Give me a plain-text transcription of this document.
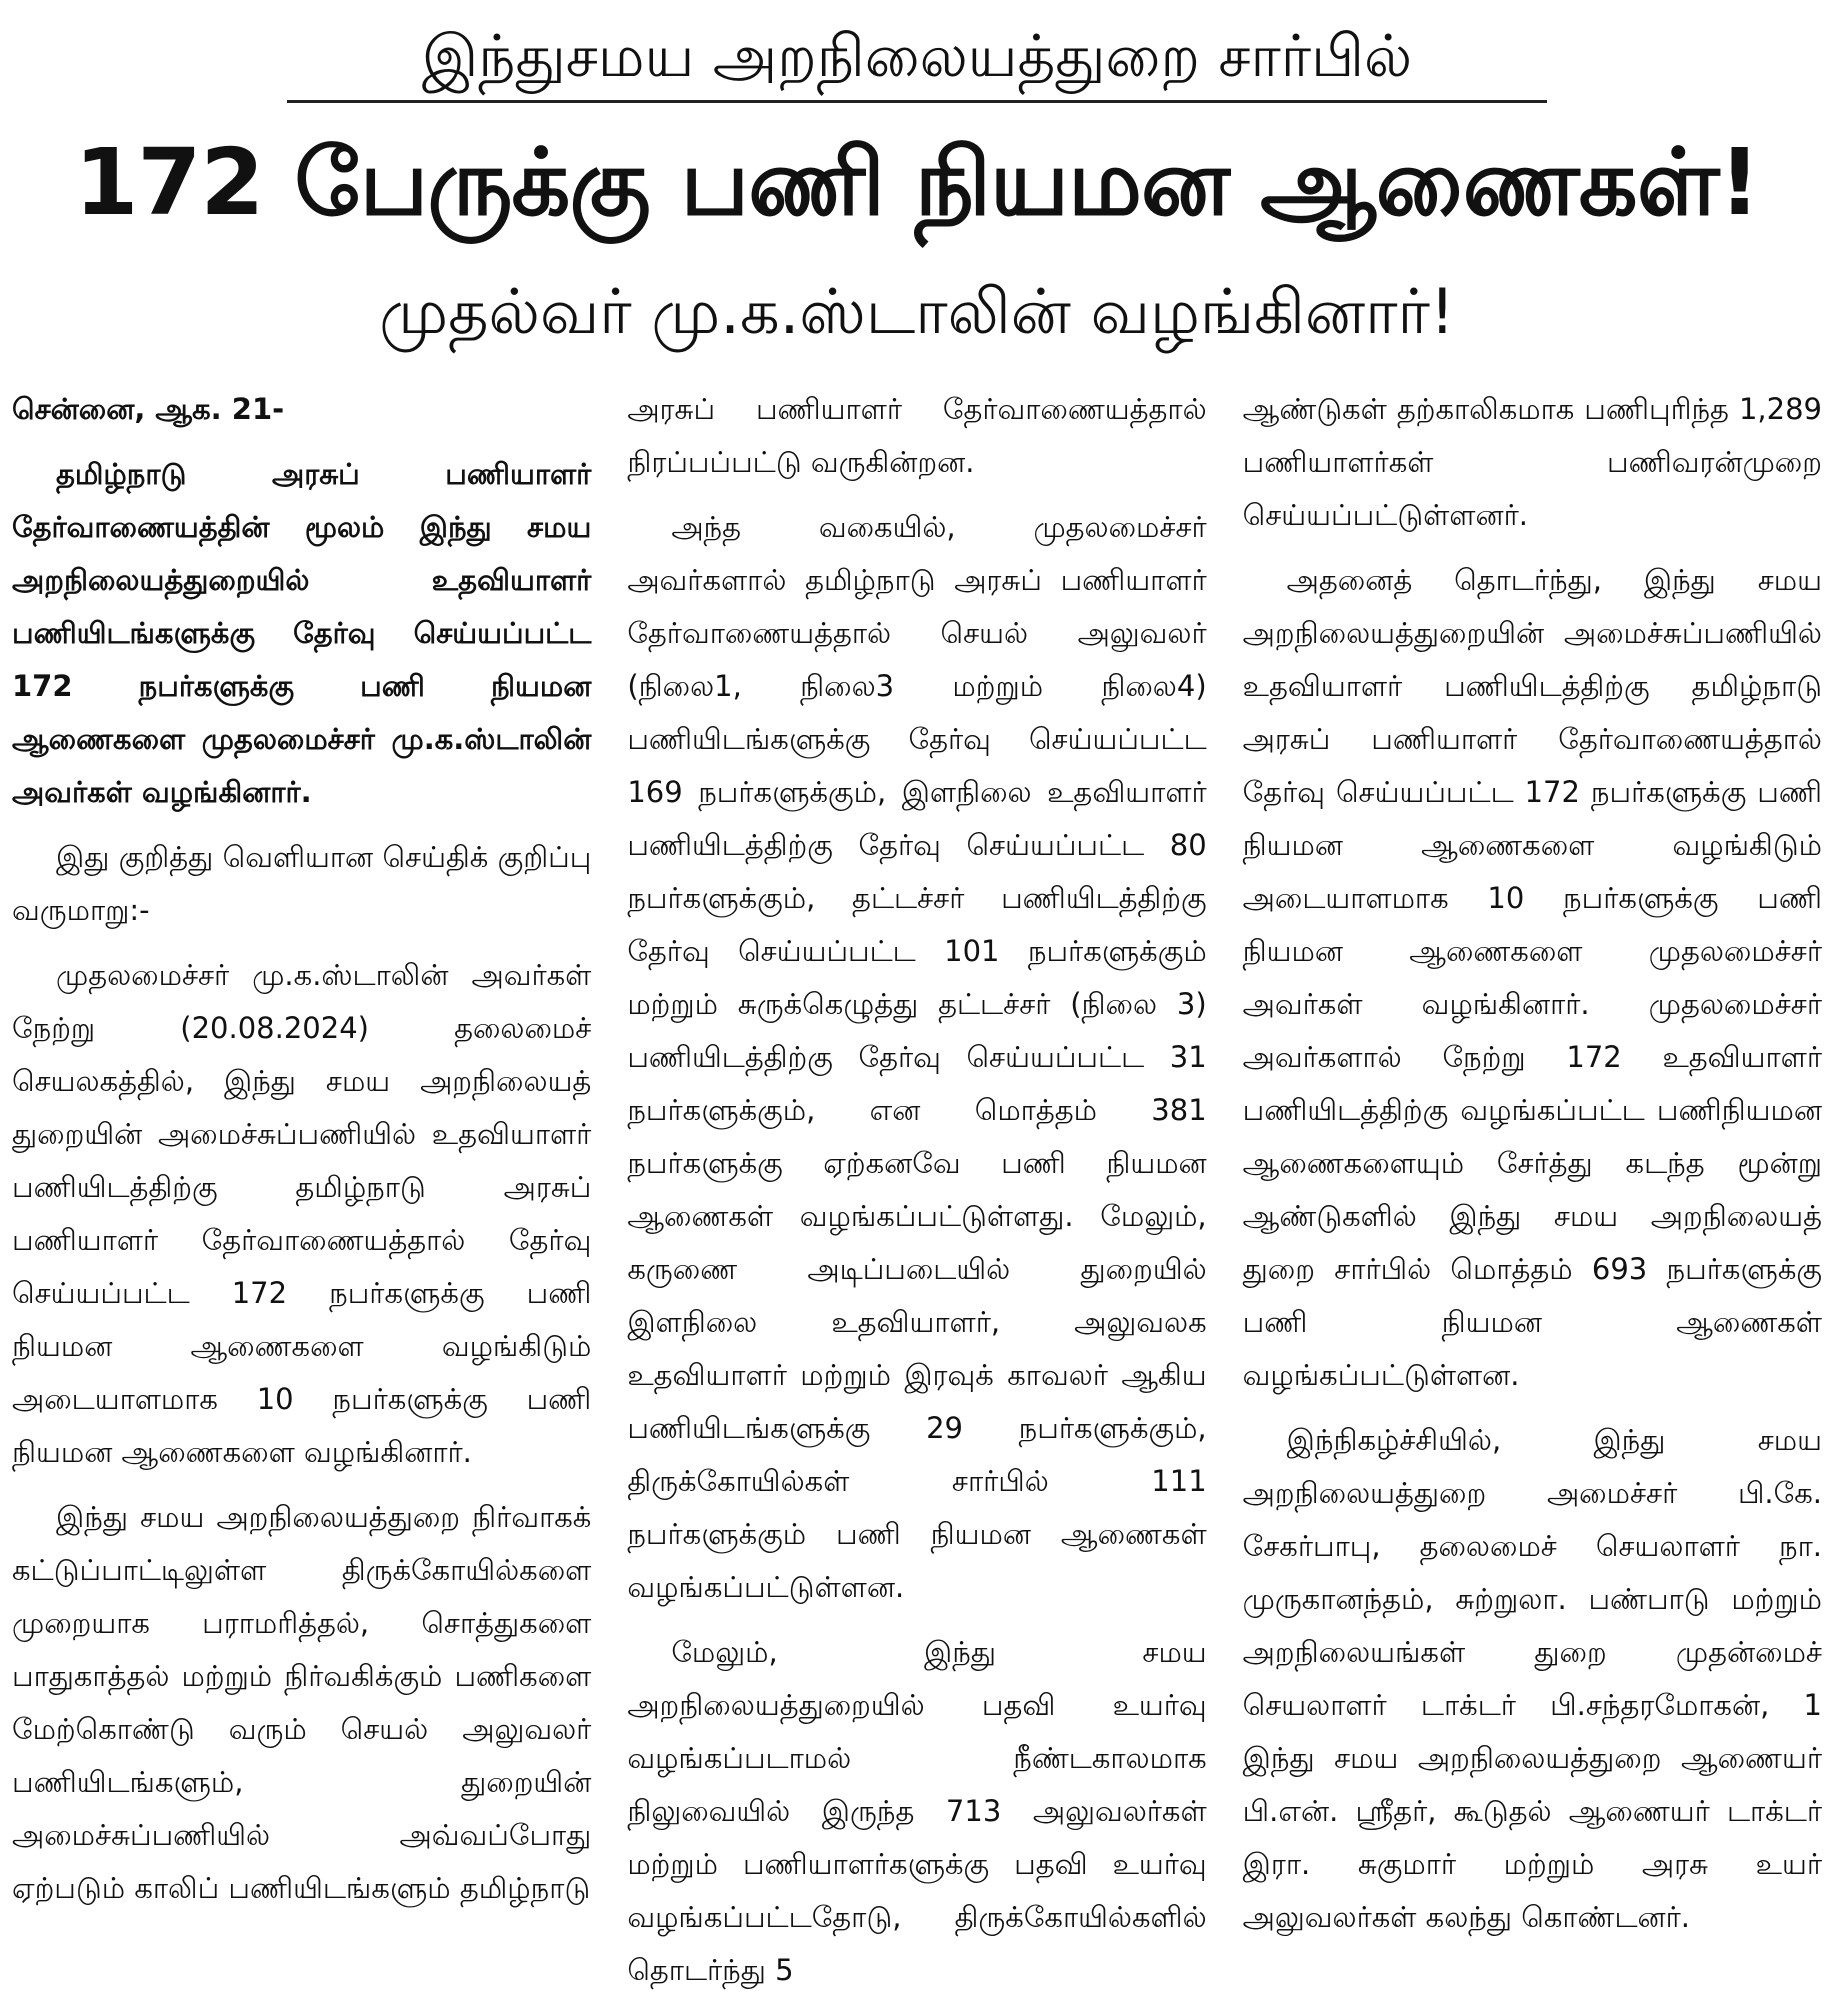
இந்துசமய அறநிலையத்துறை சார்பில்
172 பேருக்கு பணி நியமன ஆணைகள்!
முதல்வர் மு.க.ஸ்டாலின் வழங்கினார்!

சென்னை, ஆக. 21-

தமிழ்நாடு அரசுப் பணியாளர் தேர்வாணையத்தின் மூலம் இந்து சமய அறநிலையத்துறையில் உதவியாளர் பணியிடங்களுக்கு தேர்வு செய்யப்பட்ட 172 நபர்களுக்கு பணி நியமன ஆணைகளை முதலமைச்சர் மு.க.ஸ்டாலின் அவர்கள் வழங்கினார்.

இது குறித்து வெளியான செய்திக் குறிப்பு வருமாறு:-

முதலமைச்சர் மு.க.ஸ்டாலின் அவர்கள் நேற்று (20.08.2024) தலைமைச் செயலகத்தில், இந்து சமய அறநிலையத் துறையின் அமைச்சுப்பணியில் உதவியாளர் பணியிடத்திற்கு தமிழ்நாடு அரசுப் பணியாளர் தேர்வாணையத்தால் தேர்வு செய்யப்பட்ட 172 நபர்களுக்கு பணி நியமன ஆணைகளை வழங்கிடும் அடையாளமாக 10 நபர்களுக்கு பணி நியமன ஆணைகளை வழங்கினார்.

இந்து சமய அறநிலையத்துறை நிர்வாகக் கட்டுப்பாட்டிலுள்ள திருக்கோயில்களை முறையாக பராமரித்தல், சொத்துகளை பாதுகாத்தல் மற்றும் நிர்வகிக்கும் பணிகளை மேற்கொண்டு வரும் செயல் அலுவலர் பணியிடங்களும், துறையின் அமைச்சுப்பணியில் அவ்வப்போது ஏற்படும் காலிப் பணியிடங்களும் தமிழ்நாடு

அரசுப் பணியாளர் தேர்வாணையத்தால் நிரப்பப்பட்டு வருகின்றன.

அந்த வகையில், முதலமைச்சர் அவர்களால் தமிழ்நாடு அரசுப் பணியாளர் தேர்வாணையத்தால் செயல் அலுவலர் (நிலை1, நிலை3 மற்றும் நிலை4) பணியிடங்களுக்கு தேர்வு செய்யப்பட்ட 169 நபர்களுக்கும், இளநிலை உதவியாளர் பணியிடத்திற்கு தேர்வு செய்யப்பட்ட 80 நபர்களுக்கும், தட்டச்சர் பணியிடத்திற்கு தேர்வு செய்யப்பட்ட 101 நபர்களுக்கும் மற்றும் சுருக்கெழுத்து தட்டச்சர் (நிலை 3) பணியிடத்திற்கு தேர்வு செய்யப்பட்ட 31 நபர்களுக்கும், என மொத்தம் 381 நபர்களுக்கு ஏற்கனவே பணி நியமன ஆணைகள் வழங்கப்பட்டுள்ளது. மேலும், கருணை அடிப்படையில் துறையில் இளநிலை உதவியாளர், அலுவலக உதவியாளர் மற்றும் இரவுக் காவலர் ஆகிய பணியிடங்களுக்கு 29 நபர்களுக்கும், திருக்கோயில்கள் சார்பில் 111 நபர்களுக்கும் பணி நியமன ஆணைகள் வழங்கப்பட்டுள்ளன.

மேலும், இந்து சமய அறநிலையத்துறையில் பதவி உயர்வு வழங்கப்படாமல் நீண்டகாலமாக நிலுவையில் இருந்த 713 அலுவலர்கள் மற்றும் பணியாளர்களுக்கு பதவி உயர்வு வழங்கப்பட்டதோடு, திருக்கோயில்களில் தொடர்ந்து 5

ஆண்டுகள் தற்காலிகமாக பணிபுரிந்த 1,289 பணியாளர்கள் பணிவரன்முறை செய்யப்பட்டுள்ளனர்.

அதனைத் தொடர்ந்து, இந்து சமய அறநிலையத்துறையின் அமைச்சுப்பணியில் உதவியாளர் பணியிடத்திற்கு தமிழ்நாடு அரசுப் பணியாளர் தேர்வாணையத்தால் தேர்வு செய்யப்பட்ட 172 நபர்களுக்கு பணி நியமன ஆணைகளை வழங்கிடும் அடையாளமாக 10 நபர்களுக்கு பணி நியமன ஆணைகளை முதலமைச்சர் அவர்கள் வழங்கினார். முதலமைச்சர் அவர்களால் நேற்று 172 உதவியாளர் பணியிடத்திற்கு வழங்கப்பட்ட பணிநியமன ஆணைகளையும் சேர்த்து கடந்த மூன்று ஆண்டுகளில் இந்து சமய அறநிலையத் துறை சார்பில் மொத்தம் 693 நபர்களுக்கு பணி நியமன ஆணைகள் வழங்கப்பட்டுள்ளன.

இந்நிகழ்ச்சியில், இந்து சமய அறநிலையத்துறை அமைச்சர் பி.கே. சேகர்பாபு, தலைமைச் செயலாளர் நா. முருகானந்தம், சுற்றுலா. பண்பாடு மற்றும் அறநிலையங்கள் துறை முதன்மைச் செயலாளர் டாக்டர் பி.சந்தரமோகன், 1 இந்து சமய அறநிலையத்துறை ஆணையர் பி.என். ஶ்ரீதர், கூடுதல் ஆணையர் டாக்டர் இரா. சுகுமார் மற்றும் அரசு உயர் அலுவலர்கள் கலந்து கொண்டனர்.
